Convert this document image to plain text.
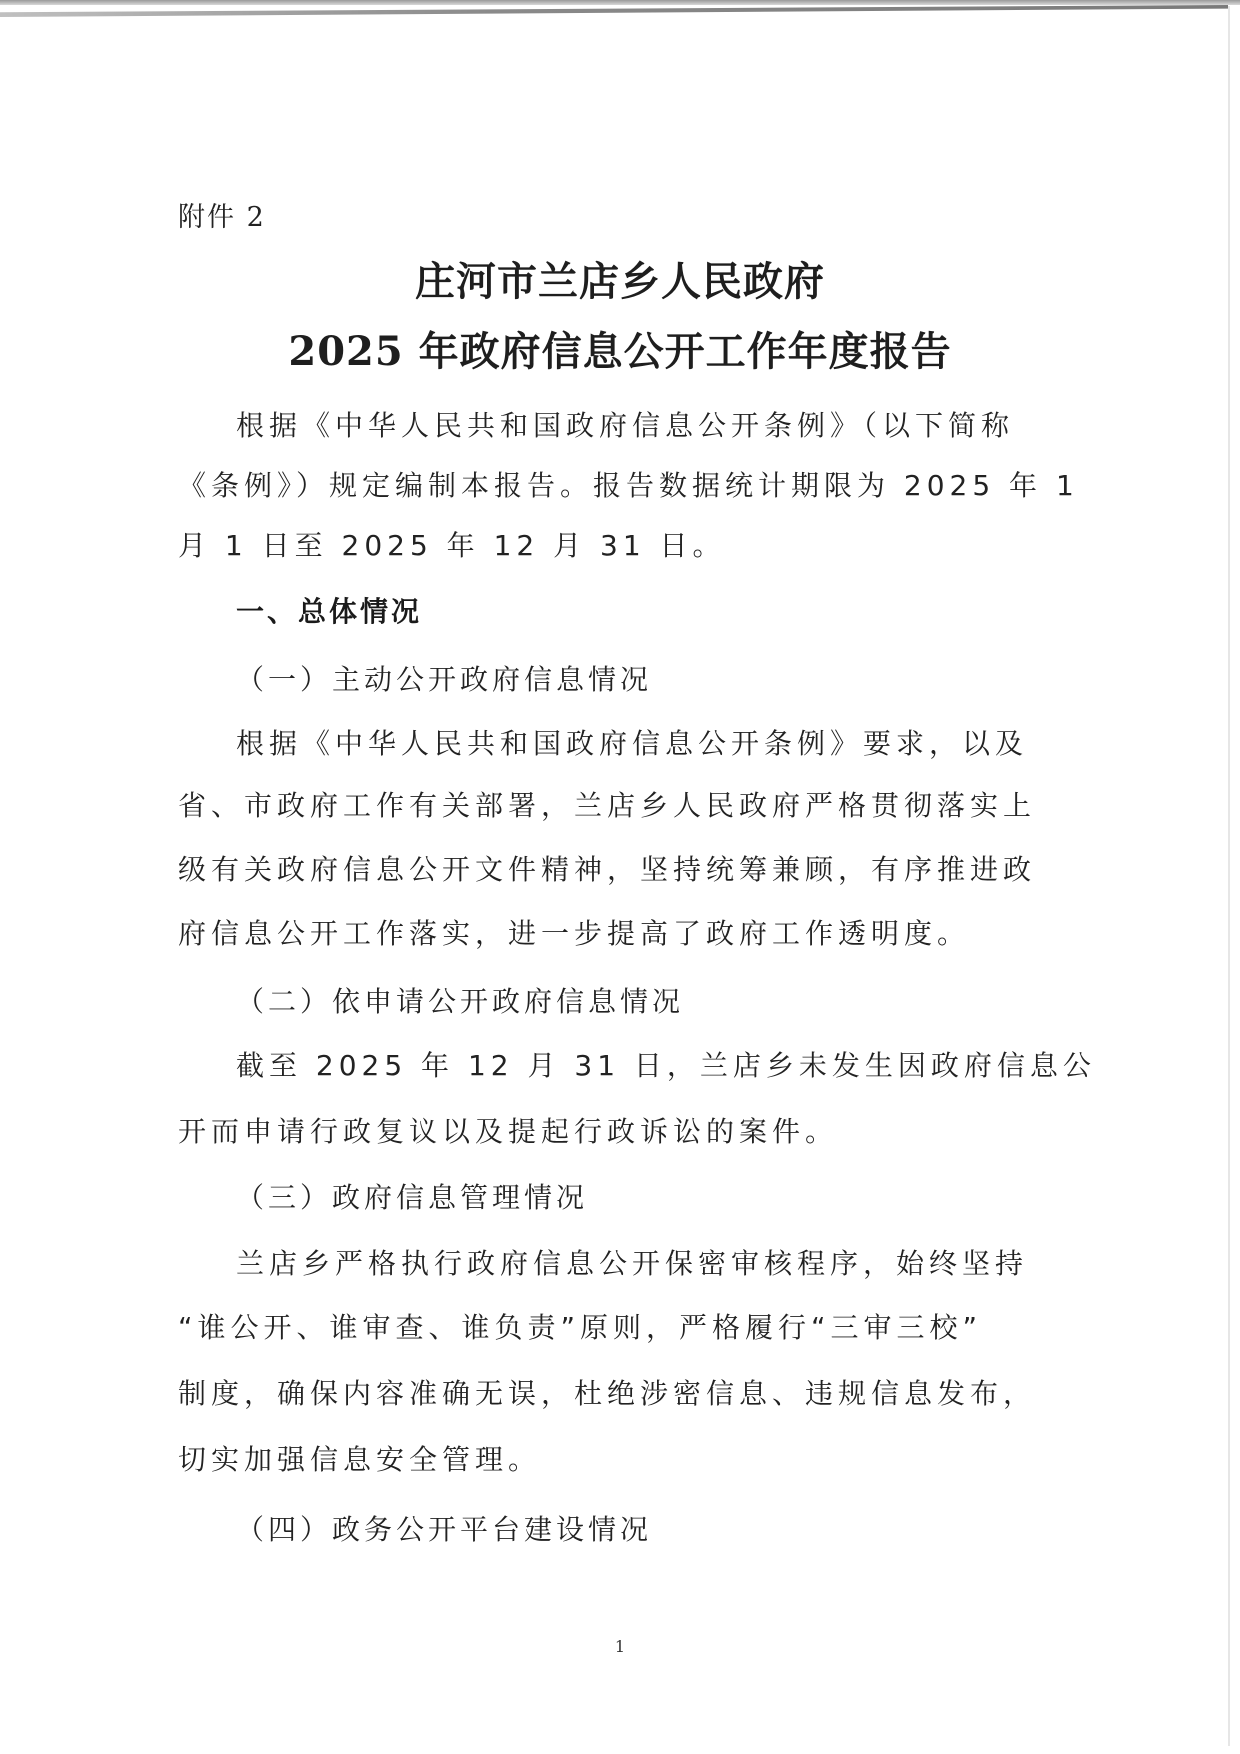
附件 2
庄河市兰店乡人民政府
2025 年政府信息公开工作年度报告
根据《中华人民共和国政府信息公开条例》（以下简称
《条例》）规定编制本报告。报告数据统计期限为 2025 年 1
月 1 日至 2025 年 12 月 31 日。
一、总体情况
（一）主动公开政府信息情况
根据《中华人民共和国政府信息公开条例》要求，以及
省、市政府工作有关部署，兰店乡人民政府严格贯彻落实上
级有关政府信息公开文件精神，坚持统筹兼顾，有序推进政
府信息公开工作落实，进一步提高了政府工作透明度。
（二）依申请公开政府信息情况
截至 2025 年 12 月 31 日，兰店乡未发生因政府信息公
开而申请行政复议以及提起行政诉讼的案件。
（三）政府信息管理情况
兰店乡严格执行政府信息公开保密审核程序，始终坚持
“谁公开、谁审查、谁负责”原则，严格履行“三审三校”
制度，确保内容准确无误，杜绝涉密信息、违规信息发布，
切实加强信息安全管理。
（四）政务公开平台建设情况
1
